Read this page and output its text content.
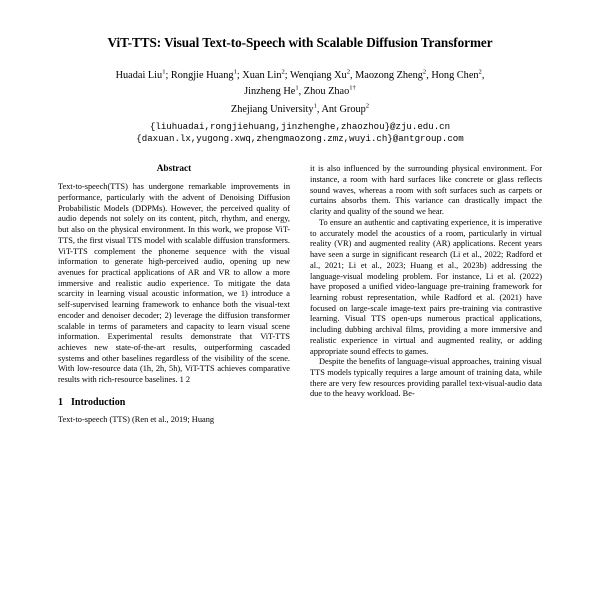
ViT-TTS: Visual Text-to-Speech with Scalable Diffusion Transformer
Huadai Liu$^1$; Rongjie Huang$^1$; Xuan Lin$^2$; Wenqiang Xu$^2$, Maozong Zheng$^2$, Hong Chen$^2$,
Jinzheng He$^1$, Zhou Zhao$^{1\dagger}$
Zhejiang University$^1$, Ant Group$^2$
{liuhuadai,rongjiehuang,jinzhenghe,zhaozhou}@zju.edu.cn
{daxuan.lx,yugong.xwq,zhengmaozong.zmz,wuyi.ch}@antgroup.com
Abstract

Text-to-speech(TTS) has undergone remarkable improvements in performance, particularly with the advent of Denoising Diffusion Probabilistic Models (DDPMs). However, the perceived quality of audio depends not solely on its content, pitch, rhythm, and energy, but also on the physical environment. In this work, we propose ViT-TTS, the first visual TTS model with scalable diffusion transformers. ViT-TTS complement the phoneme sequence with the visual information to generate high-perceived audio, opening up new avenues for practical applications of AR and VR to allow a more immersive and realistic audio experience. To mitigate the data scarcity in learning visual acoustic information, we 1) introduce a self-supervised learning framework to enhance both the visual-text encoder and denoiser decoder; 2) leverage the diffusion transformer scalable in terms of parameters and capacity to learn visual scene information. Experimental results demonstrate that ViT-TTS achieves new state-of-the-art results, outperforming cascaded systems and other baselines regardless of the visibility of the scene. With low-resource data (1h, 2h, 5h), ViT-TTS achieves comparative results with rich-resource baselines. 1 2

1 Introduction

Text-to-speech (TTS) (Ren et al., 2019; Huang

it is also influenced by the surrounding physical environment. For instance, a room with hard surfaces like concrete or glass reflects sound waves, whereas a room with soft surfaces such as carpets or curtains absorbs them. This variance can drastically impact the clarity and quality of the sound we hear.

To ensure an authentic and captivating experience, it is imperative to accurately model the acoustics of a room, particularly in virtual reality (VR) and augmented reality (AR) applications. Recent years have seen a surge in significant research (Li et al., 2022; Radford et al., 2021; Li et al., 2023; Huang et al., 2023b) addressing the language-visual modeling problem. For instance, Li et al. (2022) have proposed a unified video-language pre-training framework for learning robust representation, while Radford et al. (2021) have focused on large-scale image-text pairs pre-training via contrastive learning. Visual TTS open-ups numerous practical applications, including dubbing archival films, providing a more immersive and realistic experience in virtual and augmented reality, or adding appropriate sound effects to games.

Despite the benefits of language-visual approaches, training visual TTS models typically requires a large amount of training data, while there are very few resources providing parallel text-visual-audio data due to the heavy workload. Be-
